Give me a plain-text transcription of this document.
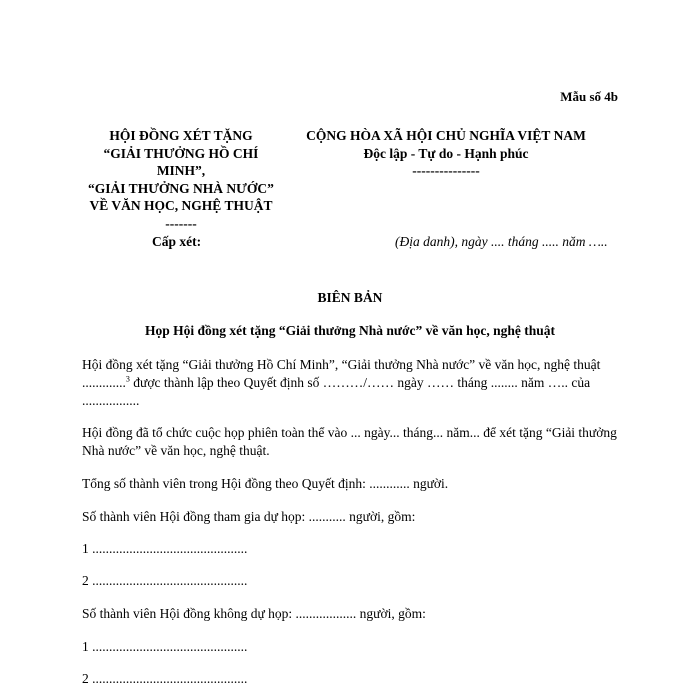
Mẫu số 4b
HỘI ĐỒNG XÉT TẶNG
“GIẢI THƯỞNG HỒ CHÍ
MINH”,
“GIẢI THƯỞNG NHÀ NƯỚC”
VỀ VĂN HỌC, NGHỆ THUẬT
-------
CỘNG HÒA XÃ HỘI CHỦ NGHĨA VIỆT NAM
Độc lập - Tự do - Hạnh phúc
---------------
Cấp xét:	(Địa danh), ngày .... tháng ..... năm …..
BIÊN BẢN
Họp Hội đồng xét tặng “Giải thưởng Nhà nước” về văn học, nghệ thuật
Hội đồng xét tặng “Giải thưởng Hồ Chí Minh”, “Giải thưởng Nhà nước” về văn học, nghệ thuật .............$^3$ được thành lập theo Quyết định số ………/…… ngày …… tháng ........ năm ….. của .................
Hội đồng đã tổ chức cuộc họp phiên toàn thể vào ... ngày... tháng... năm... để xét tặng “Giải thưởng Nhà nước” về văn học, nghệ thuật.
Tổng số thành viên trong Hội đồng theo Quyết định: ............ người.
Số thành viên Hội đồng tham gia dự họp: ........... người, gồm:
1 ..............................................
2 ..............................................
Số thành viên Hội đồng không dự họp: .................. người, gồm:
1 ..............................................
2 ..............................................
